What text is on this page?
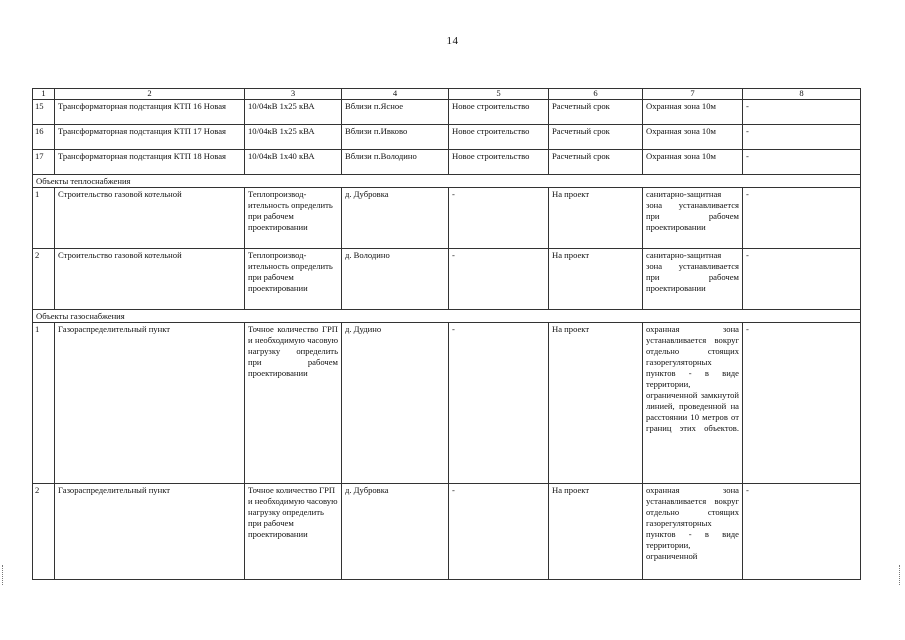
14
1	2	3	4	5	6	7	8
15	Трансформаторная подстанция КТП 16 Новая	10/04кВ 1x25 кВА	Вблизи п.Ясное	Новое строительство	Расчетный срок	Охранная зона 10м	-
16	Трансформаторная подстанция КТП 17 Новая	10/04кВ 1x25 кВА	Вблизи п.Ивково	Новое строительство	Расчетный срок	Охранная зона 10м	-
17	Трансформаторная подстанция КТП 18 Новая	10/04кВ 1x40 кВА	Вблизи п.Володино	Новое строительство	Расчетный срок	Охранная зона 10м	-
Объекты теплоснабжения							
1	Строительство газовой котельной	Теплопроизвод-ительность определить при рабочем проектировании	д. Дубровка	-	На проект	санитарно-защитная зона устанавливается при рабочем проектировании	-
2	Строительство газовой котельной	Теплопроизвод-ительность определить при рабочем проектировании	д. Володино	-	На проект	санитарно-защитная зона устанавливается при рабочем проектировании	-
Объекты газоснабжения							
1	Газораспределительный пункт	Точное количество ГРП и необходимую часовую нагрузку определить при рабочем проектировании	д. Дудино	-	На проект	охранная зона устанавливается вокруг отдельно стоящих газорегуляторных пунктов - в виде территории, ограниченной замкнутой линией, проведенной на расстоянии 10 метров от границ этих объектов.	-
2	Газораспределительный пункт	Точное количество ГРП и необходимую часовую нагрузку определить при рабочем проектировании	д. Дубровка	-	На проект	охранная зона устанавливается вокруг отдельно стоящих газорегуляторных пунктов - в виде территории, ограниченной	-
